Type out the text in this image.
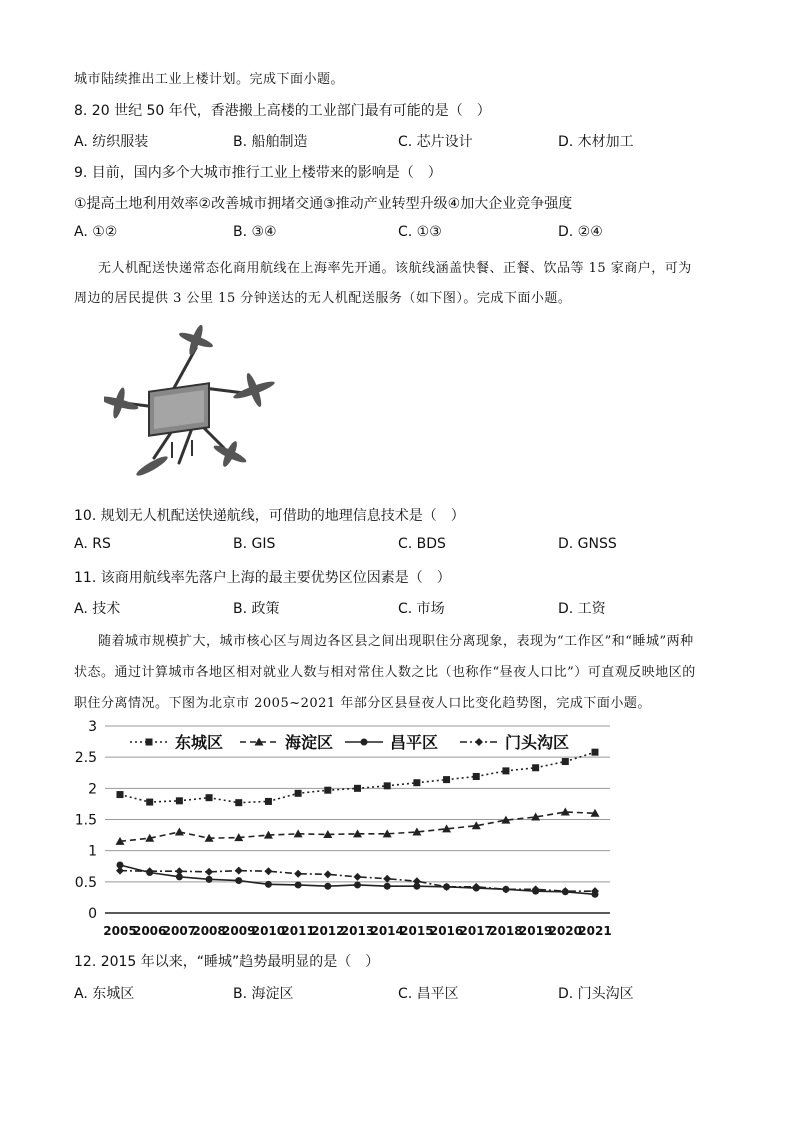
城市陆续推出工业上楼计划。完成下面小题。
8. 20 世纪 50 年代，香港搬上高楼的工业部门最有可能的是（　）
A. 纺织服装	B. 船舶制造	C. 芯片设计	D. 木材加工
9. 目前，国内多个大城市推行工业上楼带来的影响是（　）
①提高土地利用效率②改善城市拥堵交通③推动产业转型升级④加大企业竞争强度
A. ①②	B. ③④	C. ①③	D. ②④
无人机配送快递常态化商用航线在上海率先开通。该航线涵盖快餐、正餐、饮品等 15 家商户，可为
周边的居民提供 3 公里 15 分钟送达的无人机配送服务（如下图）。完成下面小题。
10. 规划无人机配送快递航线，可借助的地理信息技术是（　）
A. RS	B. GIS	C. BDS	D. GNSS
11. 该商用航线率先落户上海的最主要优势区位因素是（　）
A. 技术	B. 政策	C. 市场	D. 工资
随着城市规模扩大，城市核心区与周边各区县之间出现职住分离现象，表现为“工作区”和“睡城”两种
状态。通过计算城市各地区相对就业人数与相对常住人数之比（也称作“昼夜人口比”）可直观反映地区的
职住分离情况。下图为北京市 2005~2021 年部分区县昼夜人口比变化趋势图，完成下面小题。
0
0.5
1
1.5
2
2.5
3
2005
2006
2007
2008
2009
2010
2011
2012
2013
2014
2015
2016
2017
2018
2019
2020
2021
东城区	海淀区	昌平区	门头沟区
12. 2015 年以来，“睡城”趋势最明显的是（　）
A. 东城区	B. 海淀区	C. 昌平区	D. 门头沟区
